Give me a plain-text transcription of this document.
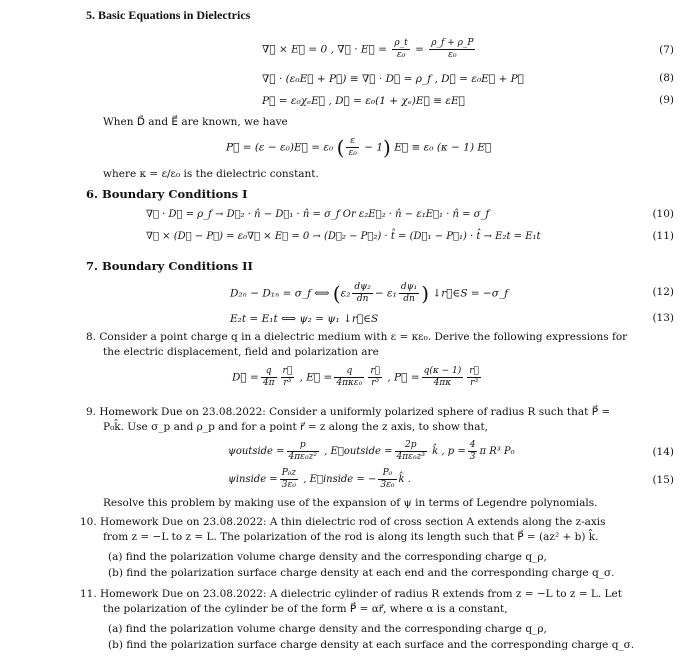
5. Basic Equations in Dielectrics
∇⃗ × E⃗ = 0 , ∇⃗ · E⃗ = $\frac{\rho\_t}{\text{ε₀}} = \frac{\rho\_f + \rho\_P}{\text{ε₀}}$	(7)
∇⃗ · (ε₀E⃗ + P⃗) ≡ ∇⃗ · D⃗ = ρ_f , D⃗ = ε₀E⃗ + P⃗	(8)
P⃗ = ε₀χₑE⃗ , D⃗ = ε₀(1 + χₑ)E⃗ ≡ εE⃗	(9)
When D⃗ and E⃗ are known, we have
P⃗ = (ε − ε₀)E⃗ = ε₀ ( $\frac{\varepsilon}{\text{ε₀}} - 1$) E⃗ ≡ ε₀ (κ − 1) E⃗
where κ = ε/ε₀ is the dielectric constant.
6. Boundary Conditions I
∇⃗ · D⃗ = ρ_f → D⃗₂ · n̂ − D⃗₁ · n̂ = σ_f Or ε₂E⃗₂ · n̂ − ε₁E⃗₁ · n̂ = σ_f	(10)
∇⃗ × (D⃗ − P⃗) = ε₀∇⃗ × E⃗ = 0 → (D⃗₂ − P⃗₂) · t̂ = (D⃗₁ − P⃗₁) · t̂ → E₂t = E₁t	(11)
7. Boundary Conditions II
D₂ₙ − D₁ₙ = σ_f ⟺ ($\varepsilon_2 \frac{\text{dψ₂}}{dn} - \varepsilon_1 \frac{\text{dψ₁}}{dn}$ ) ↓r⃗∈S = −σ_f	(12)
E₂t = E₁t ⟺ ψ₂ = ψ₁ ↓r⃗∈S	(13)
8. Consider a point charge q in a dielectric medium with ε = κε₀. Derive the following expressions for
the electric displacement, field and polarization are
D⃗ = $\frac{q}{4\pi} \frac{r⃗}{\text{r³}}$ , E⃗ = $\frac{q}{\text{4πκε₀}} \frac{r⃗}{\text{r³}}$ , P⃗ = $\frac{q(\kappa - 1)}{4\pi\kappa} \frac{r⃗}{\text{r³}}$
9. Homework Due on 23.08.2022: Consider a uniformly polarized sphere of radius R such that P⃗ =
P₀k̂. Use σ_p and ρ_p and for a point r⃗ = z along the z axis, to show that,
ψoutside = $\frac{p}{\text{4πε₀z²}}$ , E⃗outside = $\frac{2p}{\text{4πε₀z³}}$ k̂ , $p = \frac{4}{3}$ π R³ P₀	(14)
ψinside = $\frac{\text{P₀z}}{\text{3ε₀}}$ , E⃗inside = − $\frac{\text{P₀}}{\text{3ε₀}}$ k̂ .	(15)
Resolve this problem by making use of the expansion of ψ in terms of Legendre polynomials.
10. Homework Due on 23.08.2022: A thin dielectric rod of cross section A extends along the z-axis
from z = −L to z = L. The polarization of the rod is along its length such that P⃗ = (az² + b) k̂.
(a) find the polarization volume charge density and the corresponding charge q_ρ,
(b) find the polarization surface charge density at each end and the corresponding charge q_σ.
11. Homework Due on 23.08.2022: A dielectric cylinder of radius R extends from z = −L to z = L. Let
the polarization of the cylinder be of the form P⃗ = αr⃗, where α is a constant,
(a) find the polarization volume charge density and the corresponding charge q_ρ,
(b) find the polarization surface charge density at each surface and the corresponding charge q_σ.
